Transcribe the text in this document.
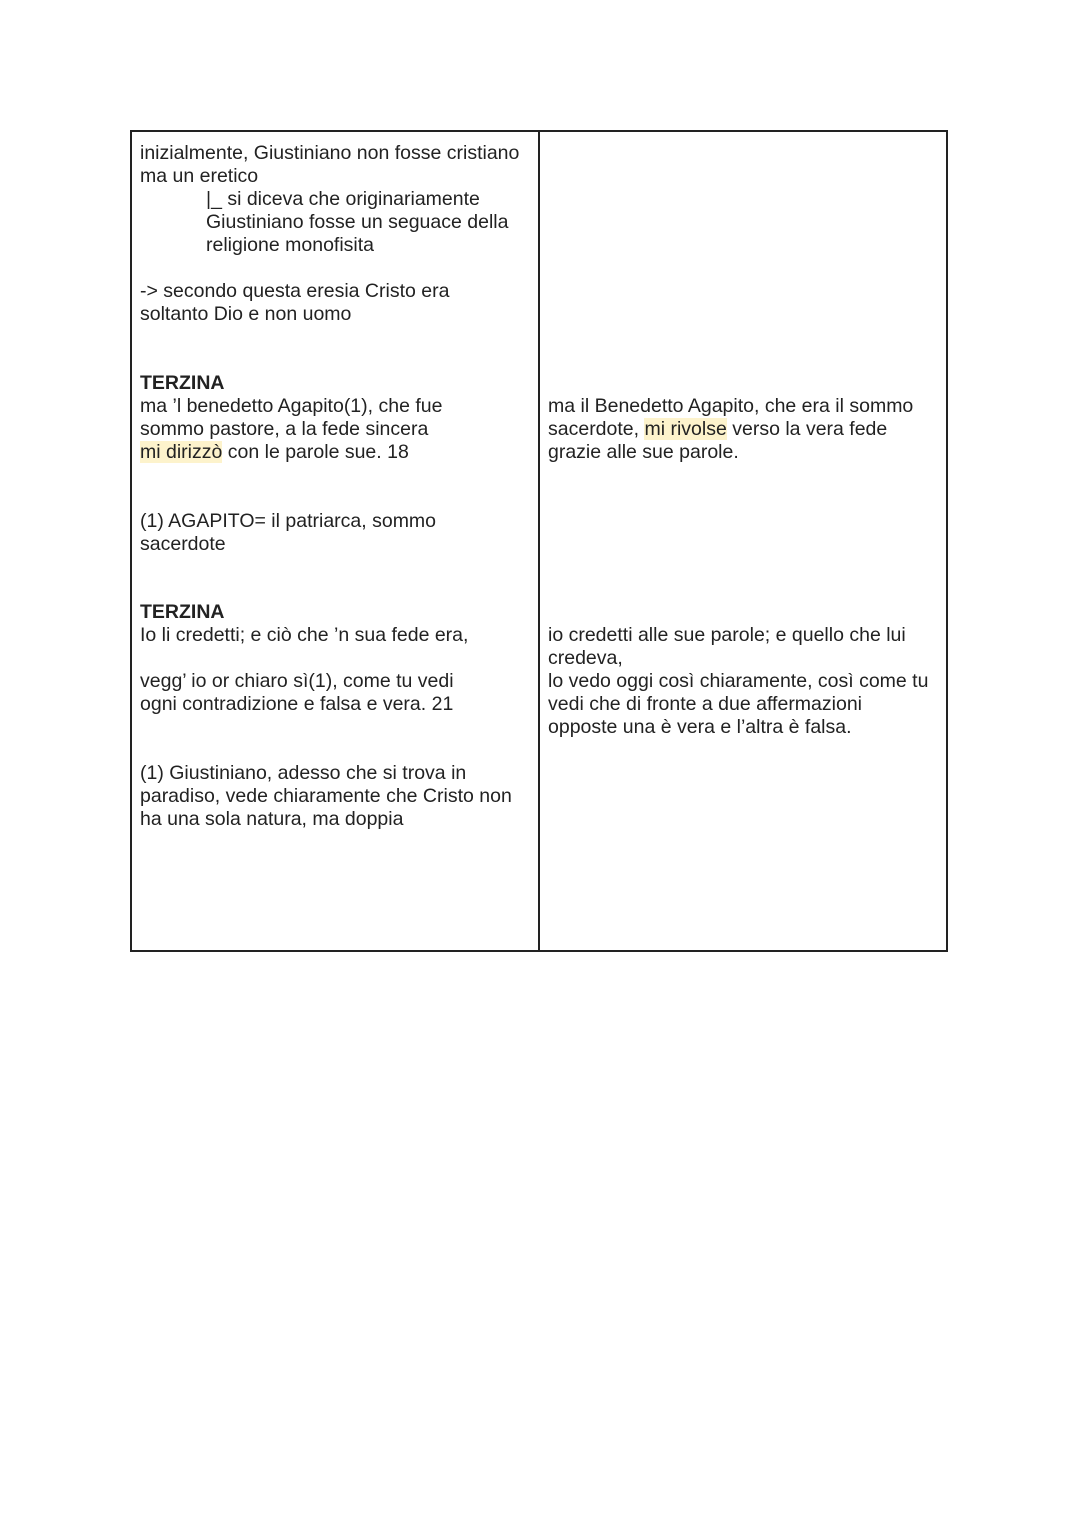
inizialmente, Giustiniano non fosse cristiano
ma un eretico

|_ si diceva che originariamente
Giustiniano fosse un seguace della
religione monofisita

-> secondo questa eresia Cristo era
soltanto Dio e non uomo

TERZINA
ma ’l benedetto Agapito(1), che fue
sommo pastore, a la fede sincera
mi dirizzò con le parole sue. 18

(1) AGAPITO= il patriarca, sommo
sacerdote

TERZINA
Io li credetti; e ciò che ’n sua fede era,

vegg’ io or chiaro sì(1), come tu vedi
ogni contradizione e falsa e vera. 21

(1) Giustiniano, adesso che si trova in
paradiso, vede chiaramente che Cristo non
ha una sola natura, ma doppia

ma il Benedetto Agapito, che era il sommo
sacerdote, mi rivolse verso la vera fede
grazie alle sue parole.

io credetti alle sue parole; e quello che lui
credeva,
lo vedo oggi così chiaramente, così come tu
vedi che di fronte a due affermazioni
opposte una è vera e l’altra è falsa.
